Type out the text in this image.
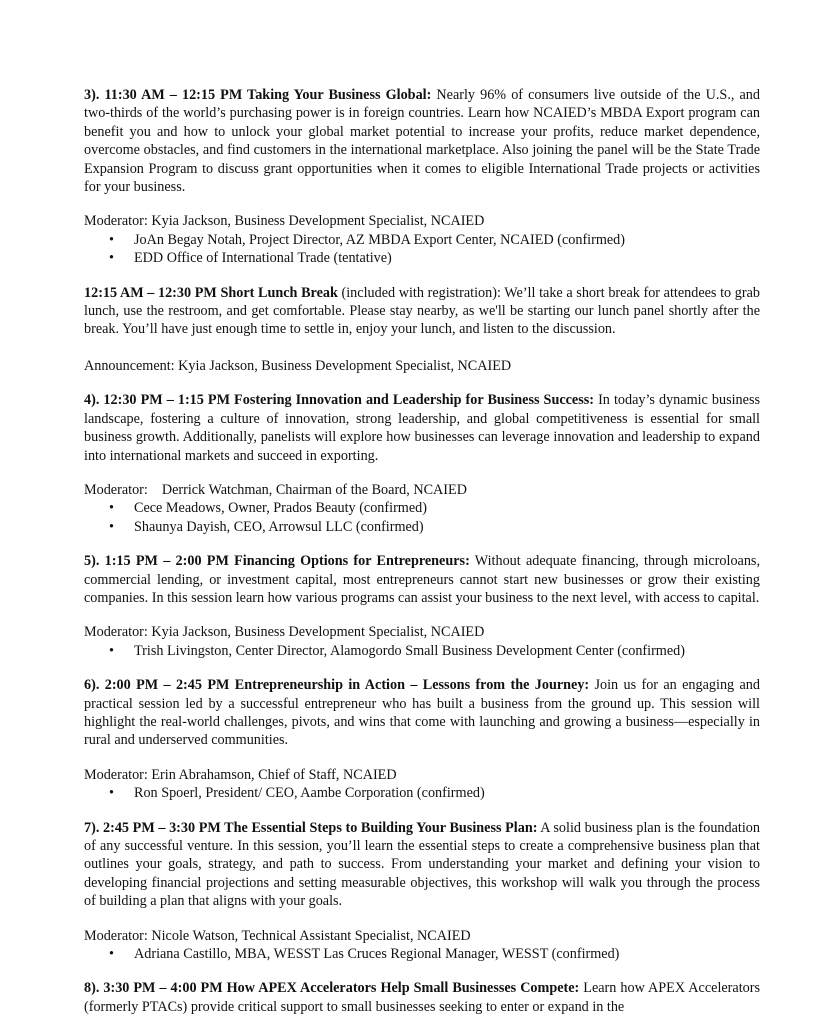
3). 11:30 AM – 12:15 PM Taking Your Business Global: Nearly 96% of consumers live outside of the U.S., and two-thirds of the world’s purchasing power is in foreign countries. Learn how NCAIED’s MBDA Export program can benefit you and how to unlock your global market potential to increase your profits, reduce market dependence, overcome obstacles, and find customers in the international marketplace. Also joining the panel will be the State Trade Expansion Program to discuss grant opportunities when it comes to eligible International Trade projects or activities for your business.

Moderator: Kyia Jackson, Business Development Specialist, NCAIED

• JoAn Begay Notah, Project Director, AZ MBDA Export Center, NCAIED (confirmed)
• EDD Office of International Trade (tentative)

12:15 AM – 12:30 PM Short Lunch Break (included with registration): We’ll take a short break for attendees to grab lunch, use the restroom, and get comfortable. Please stay nearby, as we'll be starting our lunch panel shortly after the break. You’ll have just enough time to settle in, enjoy your lunch, and listen to the discussion.

Announcement: Kyia Jackson, Business Development Specialist, NCAIED

4). 12:30 PM – 1:15 PM Fostering Innovation and Leadership for Business Success: In today’s dynamic business landscape, fostering a culture of innovation, strong leadership, and global competitiveness is essential for small business growth. Additionally, panelists will explore how businesses can leverage innovation and leadership to expand into international markets and succeed in exporting.

Moderator: Derrick Watchman, Chairman of the Board, NCAIED

• Cece Meadows, Owner, Prados Beauty (confirmed)
• Shaunya Dayish, CEO, Arrowsul LLC (confirmed)

5). 1:15 PM – 2:00 PM Financing Options for Entrepreneurs: Without adequate financing, through microloans, commercial lending, or investment capital, most entrepreneurs cannot start new businesses or grow their existing companies. In this session learn how various programs can assist your business to the next level, with access to capital.

Moderator: Kyia Jackson, Business Development Specialist, NCAIED

• Trish Livingston, Center Director, Alamogordo Small Business Development Center (confirmed)

6). 2:00 PM – 2:45 PM Entrepreneurship in Action – Lessons from the Journey: Join us for an engaging and practical session led by a successful entrepreneur who has built a business from the ground up. This session will highlight the real-world challenges, pivots, and wins that come with launching and growing a business—especially in rural and underserved communities.

Moderator: Erin Abrahamson, Chief of Staff, NCAIED

• Ron Spoerl, President/ CEO, Aambe Corporation (confirmed)

7). 2:45 PM – 3:30 PM The Essential Steps to Building Your Business Plan: A solid business plan is the foundation of any successful venture. In this session, you’ll learn the essential steps to create a comprehensive business plan that outlines your goals, strategy, and path to success. From understanding your market and defining your vision to developing financial projections and setting measurable objectives, this workshop will walk you through the process of building a plan that aligns with your goals.

Moderator: Nicole Watson, Technical Assistant Specialist, NCAIED

• Adriana Castillo, MBA, WESST Las Cruces Regional Manager, WESST (confirmed)

8). 3:30 PM – 4:00 PM How APEX Accelerators Help Small Businesses Compete: Learn how APEX Accelerators (formerly PTACs) provide critical support to small businesses seeking to enter or expand in the
